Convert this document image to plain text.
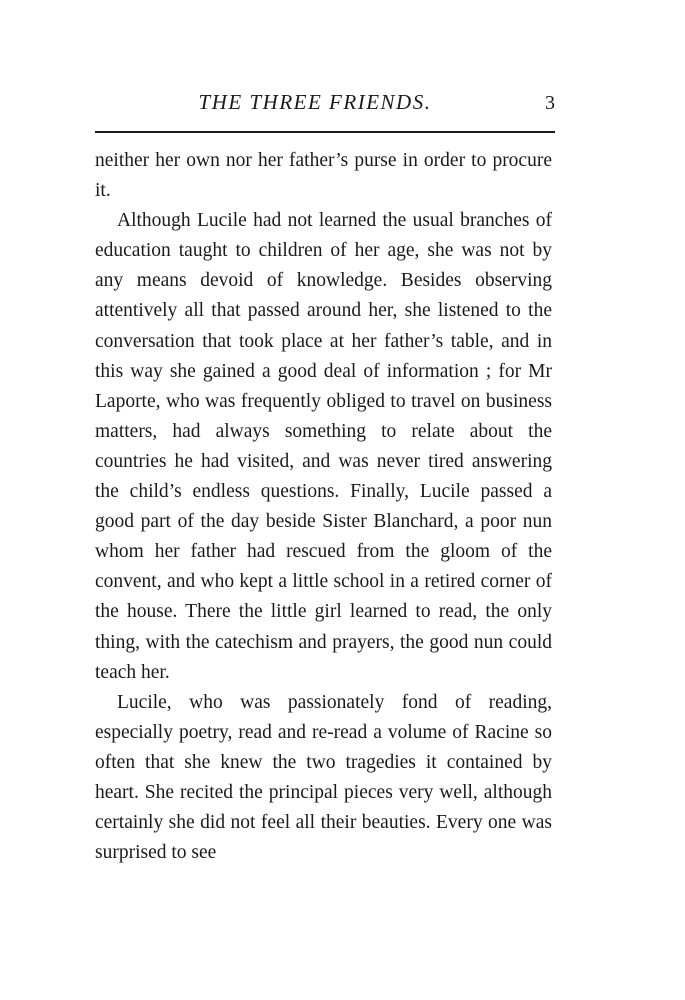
THE THREE FRIENDS.	3

neither her own nor her father’s purse in order to procure it.

Although Lucile had not learned the usual branches of education taught to children of her age, she was not by any means devoid of knowledge. Besides observing attentively all that passed around her, she listened to the conversation that took place at her father’s table, and in this way she gained a good deal of information ; for Mr Laporte, who was frequently obliged to travel on business matters, had always something to relate about the countries he had visited, and was never tired answering the child’s endless questions. Finally, Lucile passed a good part of the day beside Sister Blanchard, a poor nun whom her father had rescued from the gloom of the convent, and who kept a little school in a retired corner of the house. There the little girl learned to read, the only thing, with the catechism and prayers, the good nun could teach her.

Lucile, who was passionately fond of reading, especially poetry, read and re-read a volume of Racine so often that she knew the two tragedies it contained by heart. She recited the principal pieces very well, although certainly she did not feel all their beauties. Every one was surprised to see
